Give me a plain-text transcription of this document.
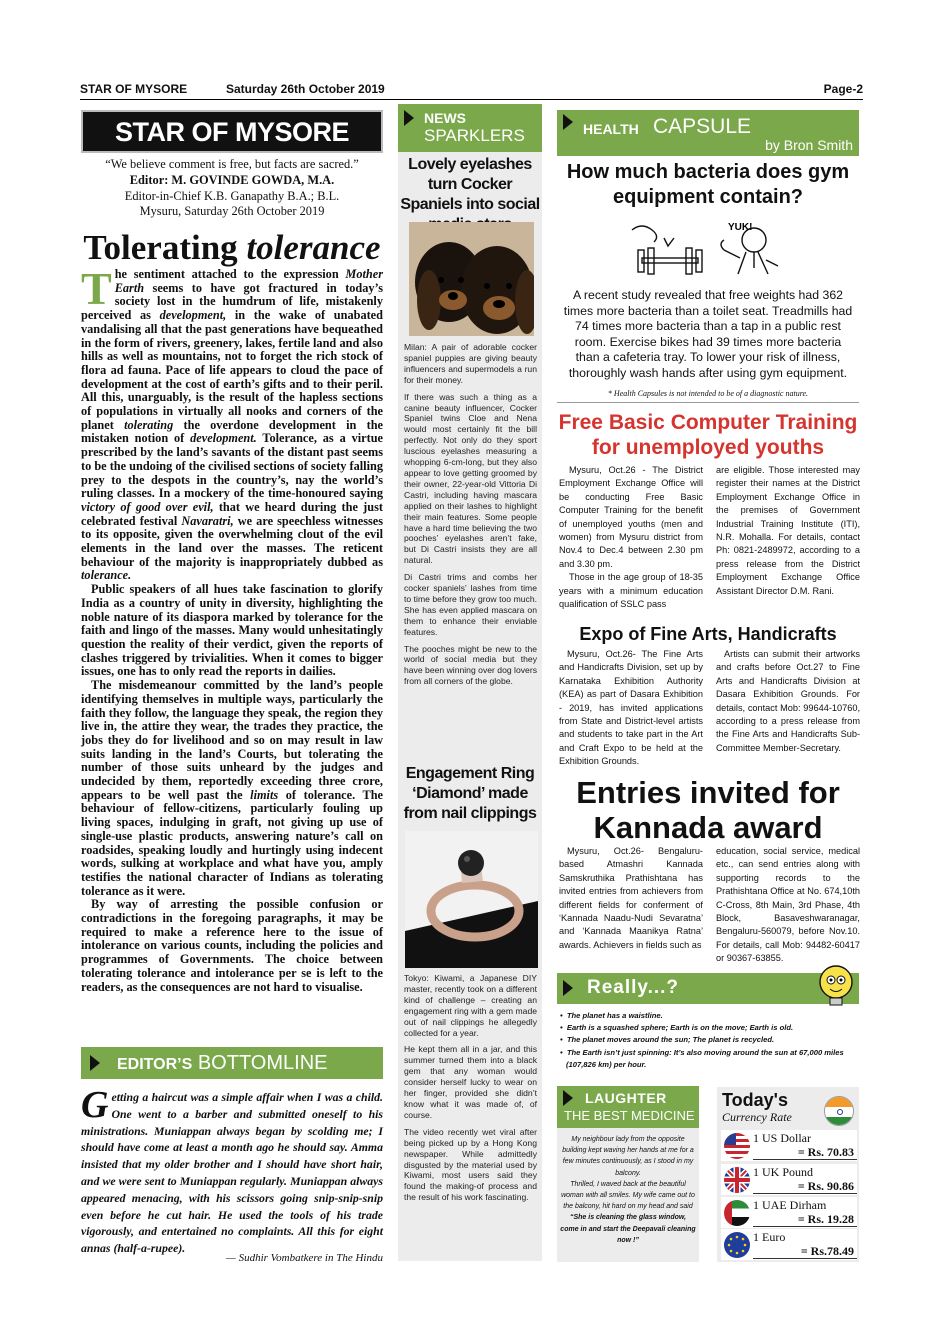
STAR OF MYSORE	Saturday 26th October 2019	Page-2
STAR OF MYSORE
“We believe comment is free, but facts are sacred.”
Editor: M. GOVINDE GOWDA, M.A.
Editor-in-Chief K.B. Ganapathy B.A.; B.L.
Mysuru, Saturday 26th October 2019
Tolerating tolerance

The sentiment attached to the expression Mother Earth seems to have got fractured in today’s society lost in the humdrum of life, mistakenly perceived as development, in the wake of unabated vandalising all that the past generations have bequeathed in the form of rivers, greenery, lakes, fertile land and also hills as well as mountains, not to forget the rich stock of flora ad fauna. Pace of life appears to cloud the pace of development at the cost of earth’s gifts and to their peril. All this, unarguably, is the result of the hapless sections of populations in virtually all nooks and corners of the planet tolerating the overdone development in the mistaken notion of development. Tolerance, as a virtue prescribed by the land’s savants of the distant past seems to be the undoing of the civilised sections of society falling prey to the despots in the country’s, nay the world’s ruling classes. In a mockery of the time-honoured saying victory of good over evil, that we heard during the just celebrated festival Navaratri, we are speechless witnesses to its opposite, given the overwhelming clout of the evil elements in the land over the masses. The reticent behaviour of the majority is inappropriately dubbed as tolerance.

Public speakers of all hues take fascination to glorify India as a country of unity in diversity, highlighting the noble nature of its diaspora marked by tolerance for the faith and lingo of the masses. Many would unhesitatingly question the reality of their verdict, given the reports of clashes triggered by trivialities. When it comes to bigger issues, one has to only read the reports in dailies.

The misdemeanour committed by the land’s people identifying themselves in multiple ways, particularly the faith they follow, the language they speak, the region they live in, the attire they wear, the trades they practice, the jobs they do for livelihood and so on may result in law suits landing in the land’s Courts, but tolerating the number of those suits unheard by the judges and undecided by them, reportedly exceeding three crore, appears to be well past the limits of tolerance. The behaviour of fellow-citizens, particularly fouling up living spaces, indulging in graft, not giving up use of single-use plastic products, answering nature’s call on roadsides, speaking loudly and hurtingly using indecent words, sulking at workplace and what have you, amply testifies the national character of Indians as tolerating tolerance as it were.

By way of arresting the possible confusion or contradictions in the foregoing paragraphs, it may be required to make a reference here to the issue of intolerance on various counts, including the policies and programmes of Governments. The choice between tolerating tolerance and intolerance per se is left to the readers, as the consequences are not hard to visualise.

EDITOR’S BOTTOMLINE
Getting a haircut was a simple affair when I was a child. One went to a barber and submitted oneself to his ministrations. Muniappan always began by scolding me; I should have come at least a month ago he should say. Amma insisted that my older brother and I should have short hair, and we were sent to Muniappan regularly. Muniappan always appeared menacing, with his scissors going snip-snip-snip even before he cut hair. He used the tools of his trade vigorously, and entertained no complaints. All this for eight annas (half-a-rupee).
— Sudhir Vombatkere in The Hindu
NEWS
SPARKLERS
Lovely eyelashes turn Cocker Spaniels into social

Milan: A pair of adorable cocker spaniel puppies are giving beauty influencers and supermodels a run for their money.

If there was such a thing as a canine beauty influencer, Cocker Spaniel twins Cloe and Nena would most certainly fit the bill perfectly. Not only do they sport luscious eyelashes measuring a whopping 6-cm-long, but they also appear to love getting groomed by their owner, 22-year-old Vittoria Di Castri, including having mascara applied on their lashes to highlight their main features. Some people have a hard time believing the two pooches’ eyelashes aren’t fake, but Di Castri insists they are all natural.

Di Castri trims and combs her cocker spaniels’ lashes from time to time before they grow too much. She has even applied mascara on them to enhance their enviable features.

The pooches might be new to the world of social media but they have been winning over dog lovers from all corners of the globe.

Engagement Ring ‘Diamond’ made from nail clippings

Tokyo: Kiwami, a Japanese DIY master, recently took on a different kind of challenge – creating an engagement ring with a gem made out of nail clippings he allegedly collected for a year.

He kept them all in a jar, and this summer turned them into a black gem that any woman would consider herself lucky to wear on her finger, provided she didn’t know what it was made of, of course.

The video recently wet viral after being picked up by a Hong Kong newspaper. While admittedly disgusted by the material used by Kiwami, most users said they found the making-of process and the result of his work fascinating.

HEALTH CAPSULE
by Bron Smith
How much bacteria does gym equipment contain?
YUK!
A recent study revealed that free weights had 362 times more bacteria than a toilet seat. Treadmills had 74 times more bacteria than a tap in a public rest room. Exercise bikes had 39 times more bacteria than a cafeteria tray. To lower your risk of illness, thoroughly wash hands after using gym equipment.
* Health Capsules is not intended to be of a diagnostic nature.
Free Basic Computer Training for unemployed youths

Mysuru, Oct.26 - The District Employment Exchange Office will be conducting Free Basic Computer Training for the benefit of unemployed youths (men and women) from Mysuru district from Nov.4 to Dec.4 between 2.30 pm and 3.30 pm.

Those in the age group of 18-35 years with a minimum education qualification of SSLC pass

are eligible. Those interested may register their names at the District Employment Exchange Office in the premises of Government Industrial Training Institute (ITI), N.R. Mohalla. For details, contact Ph: 0821-2489972, according to a press release from the District Employment Exchange Office Assistant Director D.M. Rani.
Expo of Fine Arts, Handicrafts
Mysuru, Oct.26- The Fine Arts and Handicrafts Division, set up by Karnataka Exhibition Authority (KEA) as part of Dasara Exhibition - 2019, has invited applications from State and District-level artists and students to take part in the Art and Craft Expo to be held at the Exhibition Grounds.
Artists can submit their artworks and crafts before Oct.27 to Fine Arts and Handicrafts Division at Dasara Exhibition Grounds. For details, contact Mob: 99644-10760, according to a press release from the Fine Arts and Handicrafts Sub-Committee Member-Secretary.
Entries invited for Kannada award
Mysuru, Oct.26- Bengaluru-based Atmashri Kannada Samskruthika Prathishtana has invited entries from achievers from different fields for conferment of ‘Kannada Naadu-Nudi Sevaratna’ and ‘Kannada Maanikya Ratna’ awards. Achievers in fields such as
education, social service, medical etc., can send entries along with supporting records to the Prathishtana Office at No. 674,10th C-Cross, 8th Main, 3rd Phase, 4th Block, Basaveshwaranagar, Bengaluru-560079, before Nov.10. For details, call Mob: 94482-60417 or 90367-63855.
Really...?
•  The planet has a waistline.
•  Earth is a squashed sphere; Earth is on the move; Earth is old.
•  The planet moves around the sun; The planet is recycled.
•  The Earth isn’t just spinning: It’s also moving around the sun at 67,000 miles (107,826 km) per hour.
LAUGHTER
THE BEST MEDICINE

My neighbour lady from the opposite building kept waving her hands at me for a few minutes continuously, as I stood in my balcony.

Thrilled, I waved back at the beautiful woman with all smiles. My wife came out to the balcony, hit hard on my head and said “She is cleaning the glass window, come in and start the Deepavali cleaning now !”

Today's
Currency Rate
1 US Dollar
= Rs. 70.83
1 UK Pound
= Rs. 90.86
1 UAE Dirham
= Rs. 19.28
1 Euro
= Rs.78.49
